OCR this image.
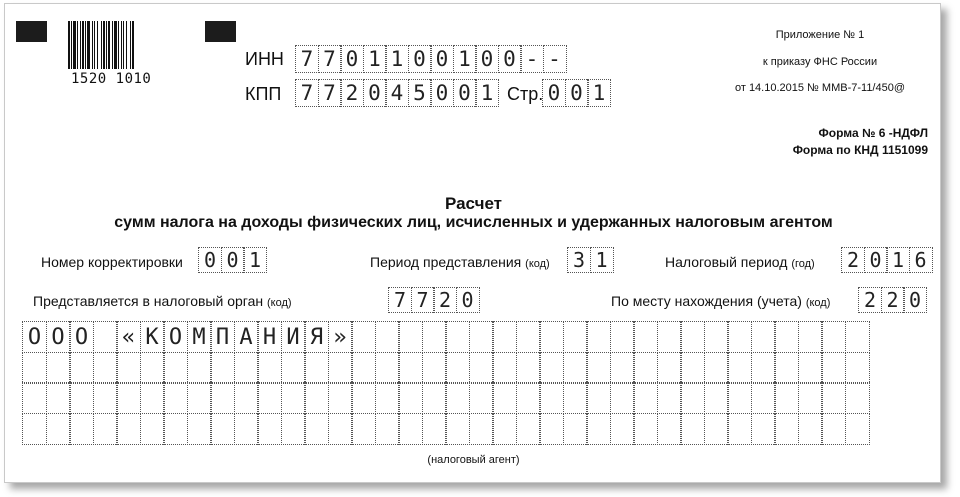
1520 1010
ИНН 7 7 0 1 1 0 0 1 0 0 - -
КПП 7 7 2 0 4 5 0 0 1 Стр. 0 0 1
Приложение № 1
к приказу ФНС России
от 14.10.2015 № ММВ-7-11/450@
Форма № 6 -НДФЛ
Форма по КНД 1151099
Расчет
сумм налога на доходы физических лиц, исчисленных и удержанных налоговым агентом
Номер корректировки 0 0 1	Период представления (код) 3 1	Налоговый период (год) 2 0 1 6
Представляется в налоговый орган (код)	7 7 2 0	По месту нахождения (учета) (код) 2 2 0
О О О « К О М П А Н И Я »
(налоговый агент)
